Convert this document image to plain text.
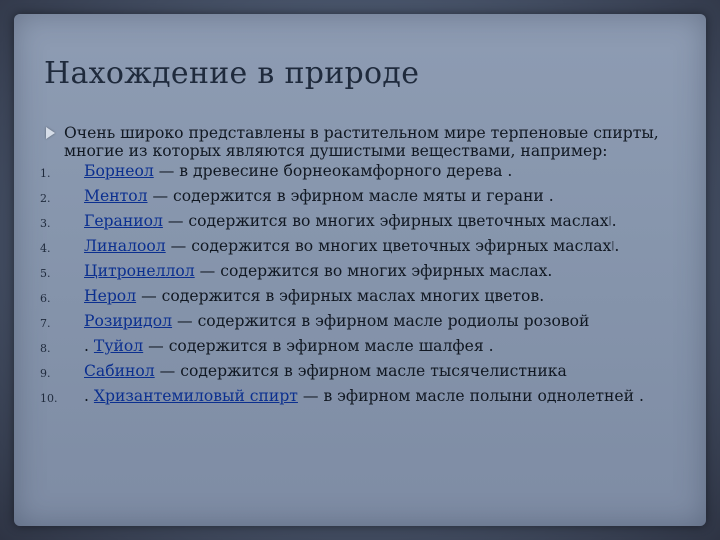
Нахождение в природе
Очень широко представлены в растительном мире терпеновые спирты, многие из которых являются душистыми веществами, например:
1.	Борнеол — в древесине борнеокамфорного дерева .
2.	Ментол — содержится в эфирном масле мяты и герани .
3.	Гераниол — содержится во многих эфирных цветочных маслах|.
4.	Линалоол — содержится во многих цветочных эфирных маслах|.
5.	Цитронеллол — содержится во многих эфирных маслах.
6.	Нерол — содержится в эфирных маслах многих цветов.
7.	Розиридол — содержится в эфирном масле родиолы розовой
8.	. Туйол — содержится в эфирном масле шалфея .
9.	Сабинол — содержится в эфирном масле тысячелистника
10.	. Хризантемиловый спирт — в эфирном масле полыни однолетней .
